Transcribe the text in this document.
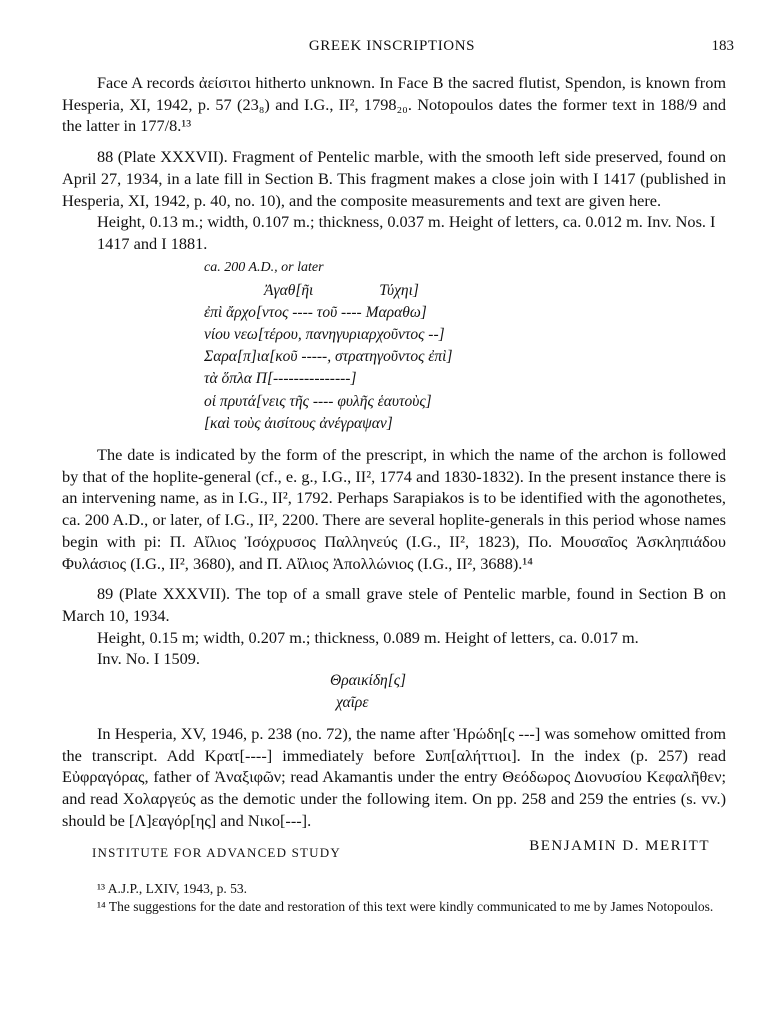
GREEK INSCRIPTIONS	183

Face A records ἀείσιτοι hitherto unknown. In Face B the sacred flutist, Spendon, is known from Hesperia, XI, 1942, p. 57 (23₈) and I.G., II², 1798₂₀. Notopoulos dates the former text in 188/9 and the latter in 177/8.¹³

88 (Plate XXXVII). Fragment of Pentelic marble, with the smooth left side preserved, found on April 27, 1934, in a late fill in Section B. This fragment makes a close join with I 1417 (published in Hesperia, XI, 1942, p. 40, no. 10), and the composite measurements and text are given here.

Height, 0.13 m.; width, 0.107 m.; thickness, 0.037 m. Height of letters, ca. 0.012 m. Inv. Nos. I 1417 and I 1881.

ca. 200 A.D., or later
Ἀγαθ[ῆι                 Τύχηι]
ἐπὶ ἄρχο[ντος ---- τοῦ ---- Μαραθω]
νίου νεω[τέρου, πανηγυριαρχοῦντος --]
Σαρα[π]ια[κοῦ -----, στρατηγοῦντος ἐπὶ]
τὰ ὅπλα Π[---------------]
οἱ πρυτά[νεις τῆς ---- φυλῆς ἑαυτοὺς]
[καὶ τοὺς ἀισίτους ἀνέγραψαν]

The date is indicated by the form of the prescript, in which the name of the archon is followed by that of the hoplite-general (cf., e. g., I.G., II², 1774 and 1830-1832). In the present instance there is an intervening name, as in I.G., II², 1792. Perhaps Sarapiakos is to be identified with the agonothetes, ca. 200 A.D., or later, of I.G., II², 2200. There are several hoplite-generals in this period whose names begin with pi: Π. Αἴλιος Ἰσόχρυσος Παλληνεύς (I.G., II², 1823), Πο. Μουσαῖος Ἀσκληπιάδου Φυλάσιος (I.G., II², 3680), and Π. Αἴλιος Ἀπολλώνιος (I.G., II², 3688).¹⁴

89 (Plate XXXVII). The top of a small grave stele of Pentelic marble, found in Section B on March 10, 1934.

Height, 0.15 m; width, 0.207 m.; thickness, 0.089 m. Height of letters, ca. 0.017 m.

Inv. No. I 1509.

Θραικίδη[ς]
χαῖρε

In Hesperia, XV, 1946, p. 238 (no. 72), the name after Ἡρώδη[ς ---] was somehow omitted from the transcript. Add Κρατ[----] immediately before Συπ[αλήττιοι]. In the index (p. 257) read Εὐφραγόρας, father of Ἀναξιφῶν; read Akamantis under the entry Θεόδωρος Διονυσίου Κεφαλῆθεν; and read Χολαργεύς as the demotic under the following item. On pp. 258 and 259 the entries (s. vv.) should be [Λ]εαγόρ[ης] and Νικο[---].

INSTITUTE FOR ADVANCED STUDY	BENJAMIN D. MERITT

¹³ A.J.P., LXIV, 1943, p. 53.

¹⁴ The suggestions for the date and restoration of this text were kindly communicated to me by James Notopoulos.
